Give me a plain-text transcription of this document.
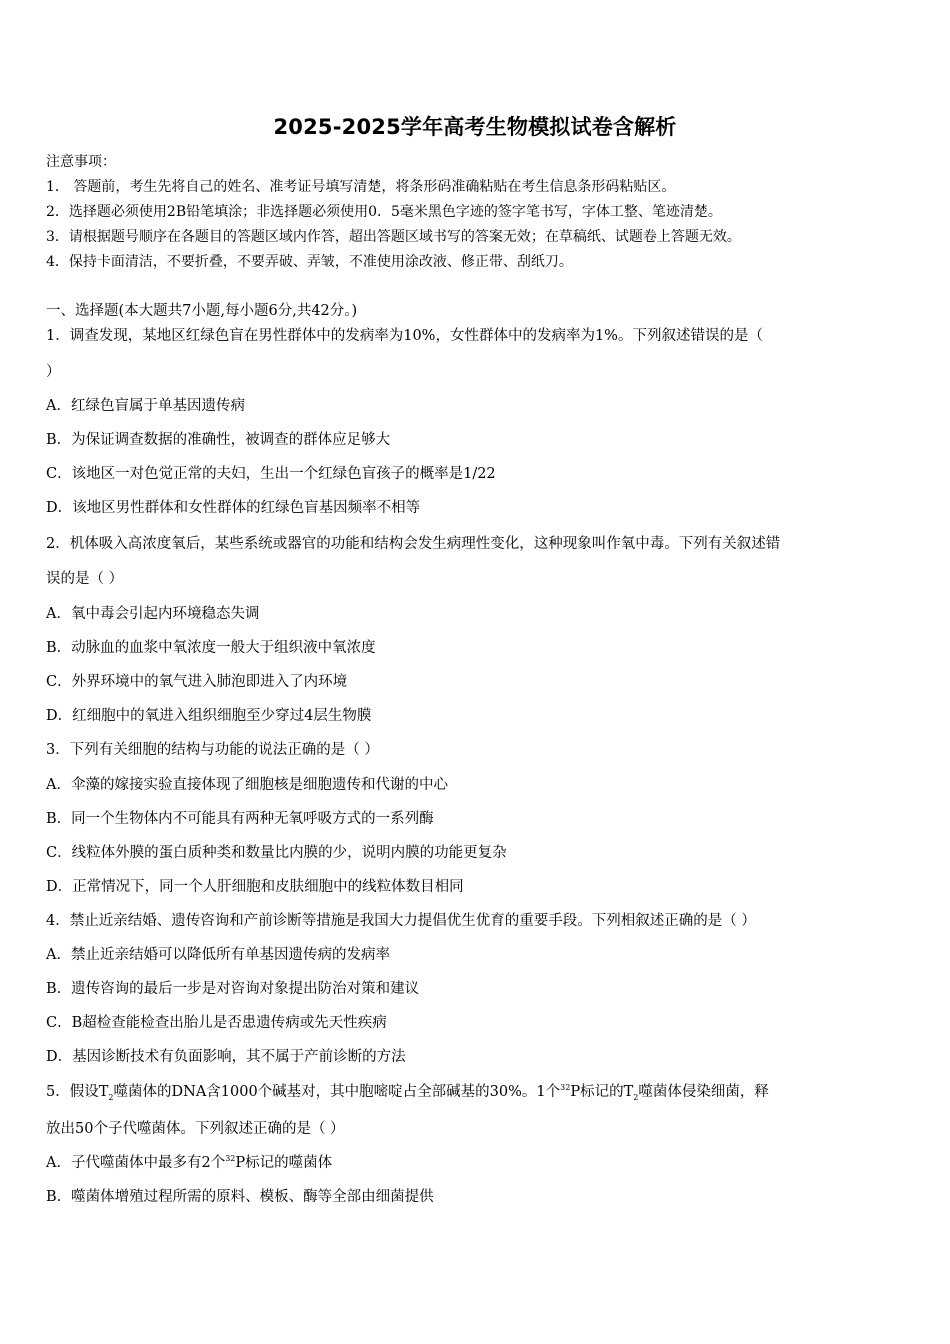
2025-2025学年高考生物模拟试卷含解析
注意事项：
1． 答题前，考生先将自己的姓名、准考证号填写清楚，将条形码准确粘贴在考生信息条形码粘贴区。
2．选择题必须使用2B铅笔填涂；非选择题必须使用0．5毫米黑色字迹的签字笔书写，字体工整、笔迹清楚。
3．请根据题号顺序在各题目的答题区域内作答，超出答题区域书写的答案无效；在草稿纸、试题卷上答题无效。
4．保持卡面清洁，不要折叠，不要弄破、弄皱，不准使用涂改液、修正带、刮纸刀。
一、选择题(本大题共7小题,每小题6分,共42分。)
1．调查发现，某地区红绿色盲在男性群体中的发病率为10%，女性群体中的发病率为1%。下列叙述错误的是（
）
A．红绿色盲属于单基因遗传病
B．为保证调查数据的准确性，被调查的群体应足够大
C．该地区一对色觉正常的夫妇，生出一个红绿色盲孩子的概率是1/22
D．该地区男性群体和女性群体的红绿色盲基因频率不相等
2．机体吸入高浓度氧后，某些系统或器官的功能和结构会发生病理性变化，这种现象叫作氧中毒。下列有关叙述错
误的是（ ）
A．氧中毒会引起内环境稳态失调
B．动脉血的血浆中氧浓度一般大于组织液中氧浓度
C．外界环境中的氧气进入肺泡即进入了内环境
D．红细胞中的氧进入组织细胞至少穿过4层生物膜
3．下列有关细胞的结构与功能的说法正确的是（ ）
A．伞藻的嫁接实验直接体现了细胞核是细胞遗传和代谢的中心
B．同一个生物体内不可能具有两种无氧呼吸方式的一系列酶
C．线粒体外膜的蛋白质种类和数量比内膜的少，说明内膜的功能更复杂
D．正常情况下，同一个人肝细胞和皮肤细胞中的线粒体数目相同
4．禁止近亲结婚、遗传咨询和产前诊断等措施是我国大力提倡优生优育的重要手段。下列相叙述正确的是（ ）
A．禁止近亲结婚可以降低所有单基因遗传病的发病率
B．遗传咨询的最后一步是对咨询对象提出防治对策和建议
C．B超检查能检查出胎儿是否患遗传病或先天性疾病
D．基因诊断技术有负面影响，其不属于产前诊断的方法
5．假设$T_2$噬菌体的DNA含1000个碱基对，其中胞嘧啶占全部碱基的30%。1个$^{32}$P标记的$T_2$噬菌体侵染细菌，释
放出50个子代噬菌体。下列叙述正确的是（ ）
A．子代噬菌体中最多有2个$^{32}$P标记的噬菌体
B．噬菌体增殖过程所需的原料、模板、酶等全部由细菌提供
